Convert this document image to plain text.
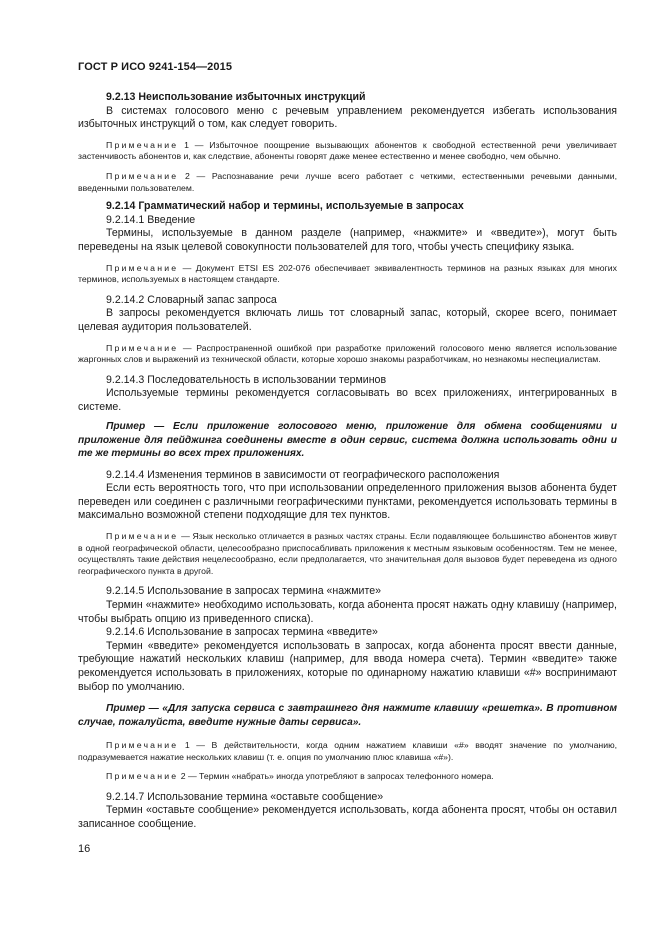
ГОСТ Р ИСО 9241-154—2015

9.2.13 Неиспользование избыточных инструкций

В системах голосового меню с речевым управлением рекомендуется избегать использования избыточных инструкций о том, как следует говорить.

Примечание 1 — Избыточное поощрение вызывающих абонентов к свободной естественной речи увеличивает застенчивость абонентов и, как следствие, абоненты говорят даже менее естественно и менее свободно, чем обычно.

Примечание 2 — Распознавание речи лучше всего работает с четкими, естественными речевыми данными, введенными пользователем.

9.2.14 Грамматический набор и термины, используемые в запросах

9.2.14.1 Введение

Термины, используемые в данном разделе (например, «нажмите» и «введите»), могут быть переведены на язык целевой совокупности пользователей для того, чтобы учесть специфику языка.

Примечание — Документ ETSI ES 202-076 обеспечивает эквивалентность терминов на разных языках для многих терминов, используемых в настоящем стандарте.

9.2.14.2 Словарный запас запроса

В запросы рекомендуется включать лишь тот словарный запас, который, скорее всего, понимает целевая аудитория пользователей.

Примечание — Распространенной ошибкой при разработке приложений голосового меню является использование жаргонных слов и выражений из технической области, которые хорошо знакомы разработчикам, но незнакомы неспециалистам.

9.2.14.3 Последовательность в использовании терминов

Используемые термины рекомендуется согласовывать во всех приложениях, интегрированных в системе.

Пример — Если приложение голосового меню, приложение для обмена сообщениями и приложение для пейджинга соединены вместе в один сервис, система должна использовать одни и те же термины во всех трех приложениях.

9.2.14.4 Изменения терминов в зависимости от географического расположения

Если есть вероятность того, что при использовании определенного приложения вызов абонента будет переведен или соединен с различными географическими пунктами, рекомендуется использовать термины в максимально возможной степени подходящие для тех пунктов.

Примечание — Язык несколько отличается в разных частях страны. Если подавляющее большинство абонентов живут в одной географической области, целесообразно приспосабливать приложения к местным языковым особенностям. Тем не менее, осуществлять такие действия нецелесообразно, если предполагается, что значительная доля вызовов будет переведена из одного географического пункта в другой.

9.2.14.5 Использование в запросах термина «нажмите»

Термин «нажмите» необходимо использовать, когда абонента просят нажать одну клавишу (например, чтобы выбрать опцию из приведенного списка).

9.2.14.6 Использование в запросах термина «введите»

Термин «введите» рекомендуется использовать в запросах, когда абонента просят ввести данные, требующие нажатий нескольких клавиш (например, для ввода номера счета). Термин «введите» также рекомендуется использовать в приложениях, которые по одинарному нажатию клавиши «#» воспринимают выбор по умолчанию.

Пример — «Для запуска сервиса с завтрашнего дня нажмите клавишу «решетка». В противном случае, пожалуйста, введите нужные даты сервиса».

Примечание 1 — В действительности, когда одним нажатием клавиши «#» вводят значение по умолчанию, подразумевается нажатие нескольких клавиш (т. е. опция по умолчанию плюс клавиша «#»).

Примечание 2 — Термин «набрать» иногда употребляют в запросах телефонного номера.

9.2.14.7 Использование термина «оставьте сообщение»

Термин «оставьте сообщение» рекомендуется использовать, когда абонента просят, чтобы он оставил записанное сообщение.

16
